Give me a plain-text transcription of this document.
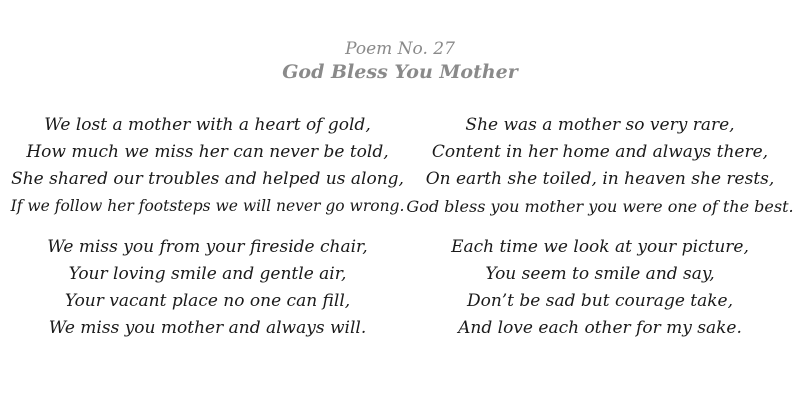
Poem No. 27
God Bless You Mother
We lost a mother with a heart of gold,
How much we miss her can never be told,
She shared our troubles and helped us along,
If we follow her footsteps we will never go wrong.
She was a mother so very rare,
Content in her home and always there,
On earth she toiled, in heaven she rests,
God bless you mother you were one of the best.
We miss you from your fireside chair,
Your loving smile and gentle air,
Your vacant place no one can fill,
We miss you mother and always will.
Each time we look at your picture,
You seem to smile and say,
Don’t be sad but courage take,
And love each other for my sake.
